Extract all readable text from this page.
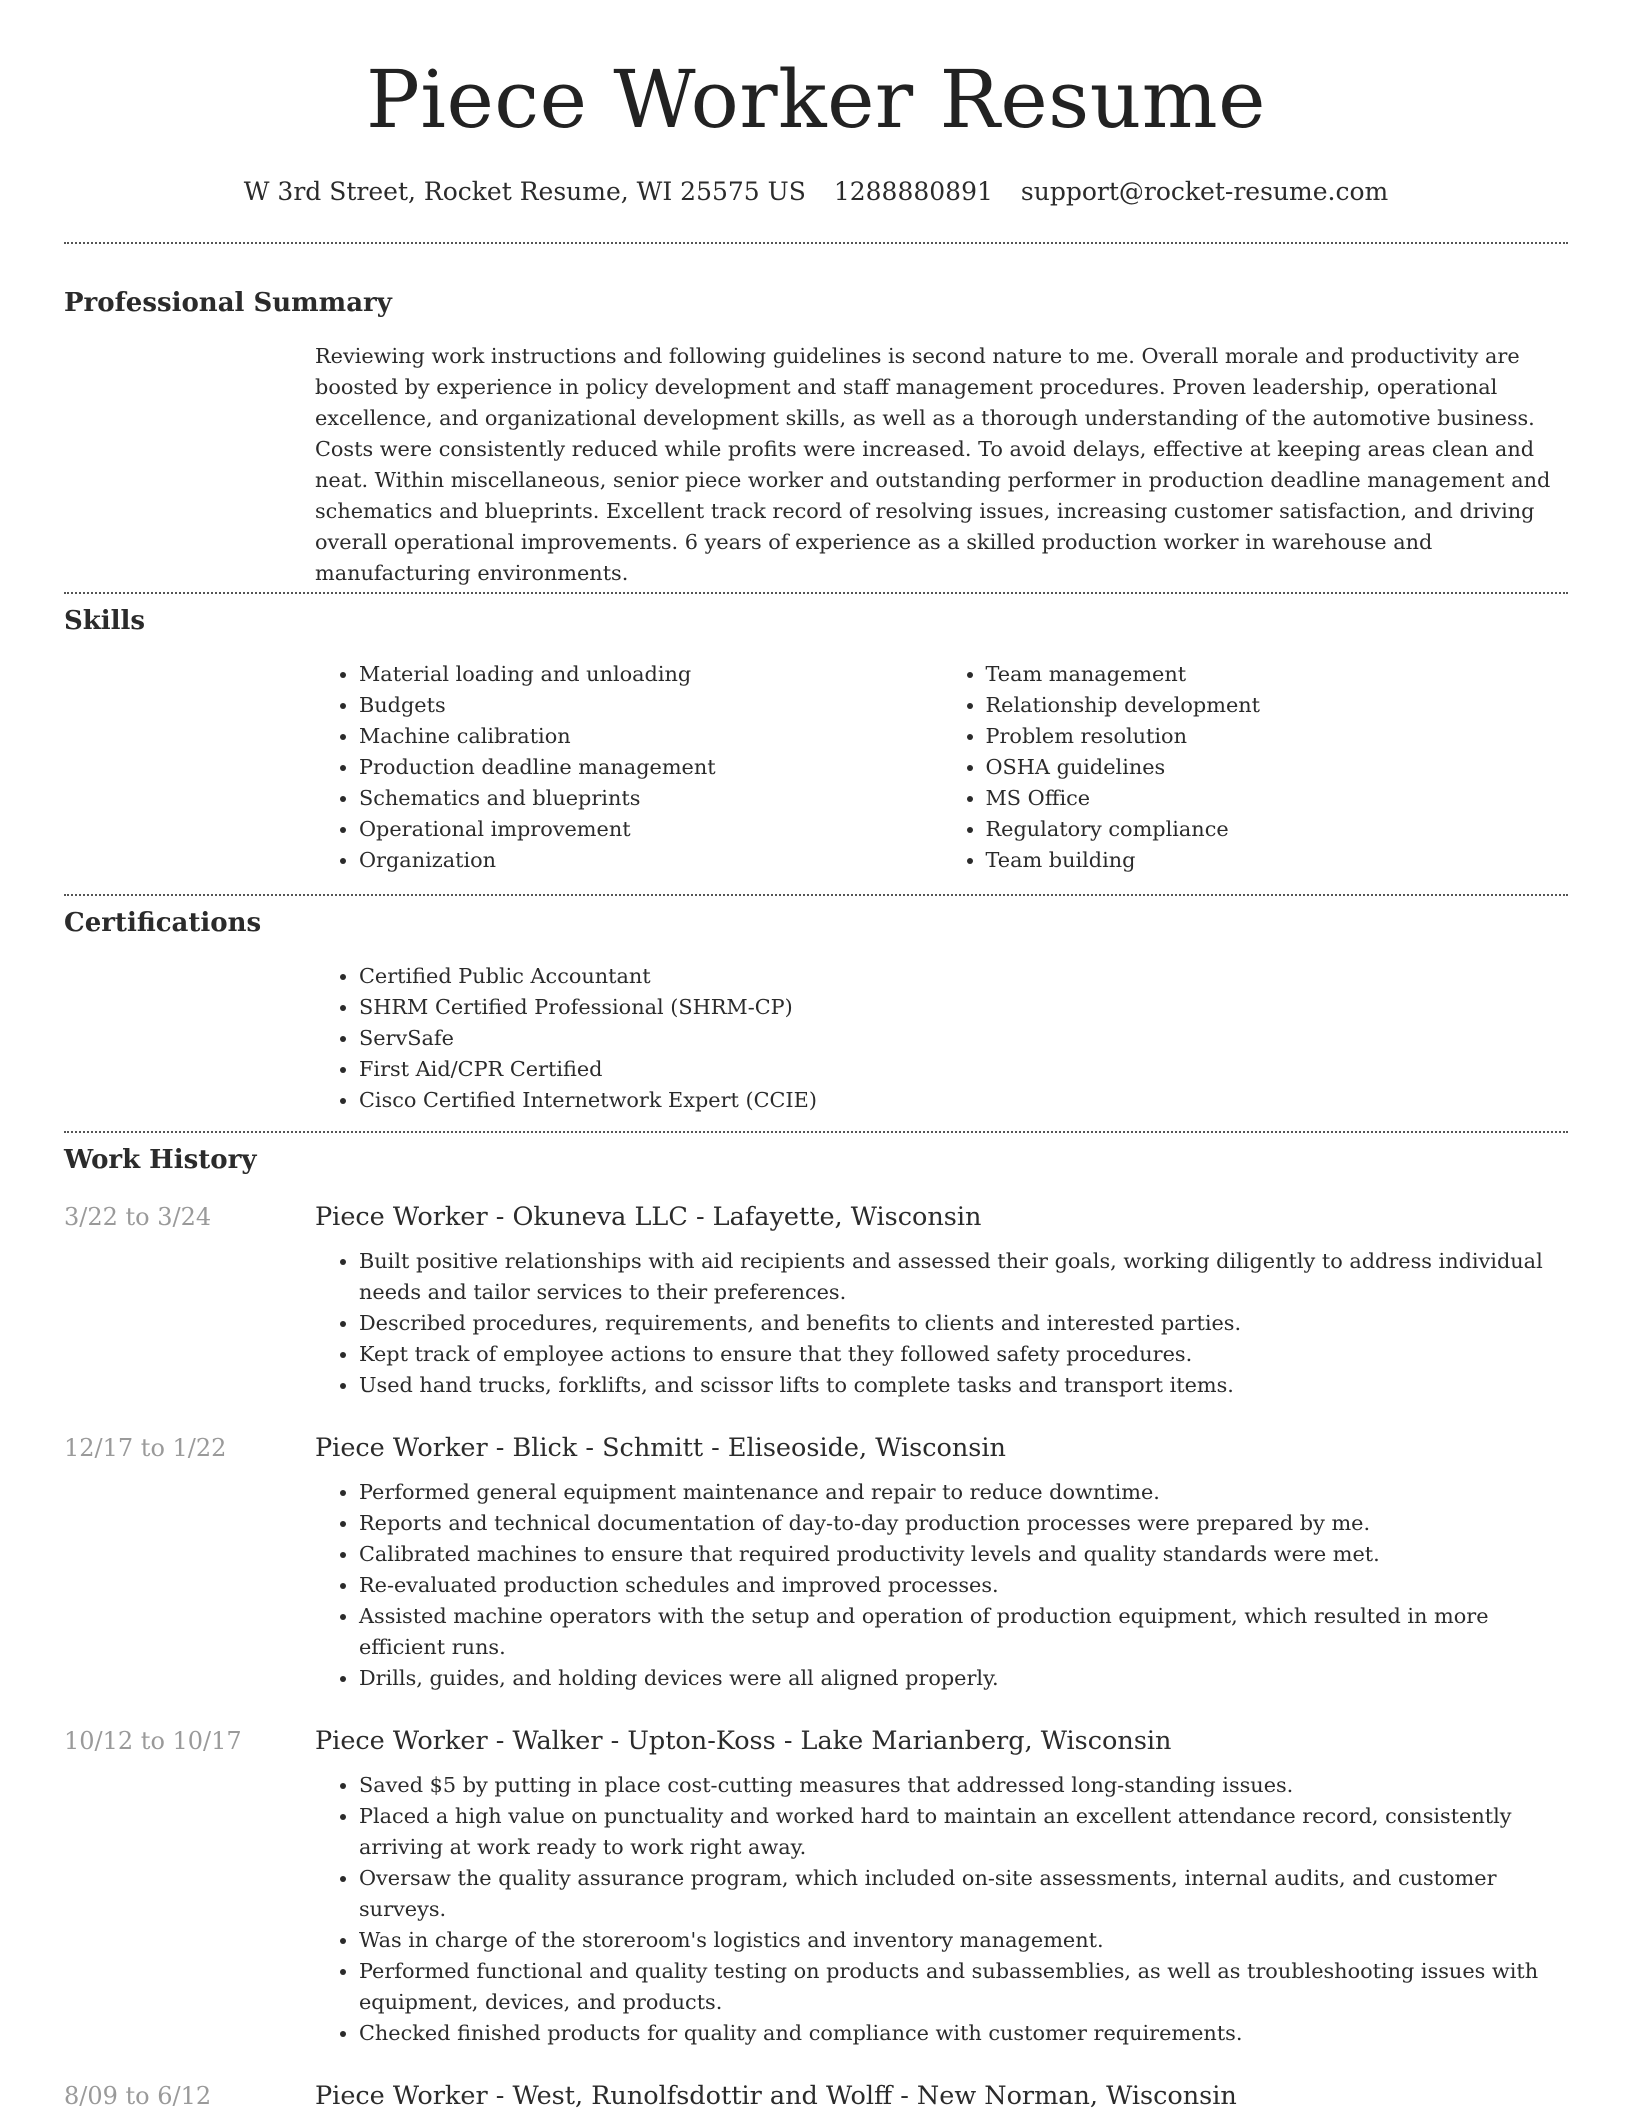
Piece Worker Resume
W 3rd Street, Rocket Resume, WI 25575 US 1288880891 support@rocket-resume.com
Professional Summary
Reviewing work instructions and following guidelines is second nature to me. Overall morale and productivity are boosted by experience in policy development and staff management procedures. Proven leadership, operational excellence, and organizational development skills, as well as a thorough understanding of the automotive business. Costs were consistently reduced while profits were increased. To avoid delays, effective at keeping areas clean and neat. Within miscellaneous, senior piece worker and outstanding performer in production deadline management and schematics and blueprints. Excellent track record of resolving issues, increasing customer satisfaction, and driving overall operational improvements. 6 years of experience as a skilled production worker in warehouse and manufacturing environments.
Skills
• Material loading and unloading
• Budgets
• Machine calibration
• Production deadline management
• Schematics and blueprints
• Operational improvement
• Organization
• Team management
• Relationship development
• Problem resolution
• OSHA guidelines
• MS Office
• Regulatory compliance
• Team building
Certifications
• Certified Public Accountant
• SHRM Certified Professional (SHRM-CP)
• ServSafe
• First Aid/CPR Certified
• Cisco Certified Internetwork Expert (CCIE)
Work History
3/22 to 3/24	Piece Worker - Okuneva LLC - Lafayette, Wisconsin
• Built positive relationships with aid recipients and assessed their goals, working diligently to address individual needs and tailor services to their preferences.
• Described procedures, requirements, and benefits to clients and interested parties.
• Kept track of employee actions to ensure that they followed safety procedures.
• Used hand trucks, forklifts, and scissor lifts to complete tasks and transport items.
12/17 to 1/22	Piece Worker - Blick - Schmitt - Eliseoside, Wisconsin
• Performed general equipment maintenance and repair to reduce downtime.
• Reports and technical documentation of day-to-day production processes were prepared by me.
• Calibrated machines to ensure that required productivity levels and quality standards were met.
• Re-evaluated production schedules and improved processes.
• Assisted machine operators with the setup and operation of production equipment, which resulted in more efficient runs.
• Drills, guides, and holding devices were all aligned properly.
10/12 to 10/17	Piece Worker - Walker - Upton-Koss - Lake Marianberg, Wisconsin
• Saved $5 by putting in place cost-cutting measures that addressed long-standing issues.
• Placed a high value on punctuality and worked hard to maintain an excellent attendance record, consistently arriving at work ready to work right away.
• Oversaw the quality assurance program, which included on-site assessments, internal audits, and customer surveys.
• Was in charge of the storeroom's logistics and inventory management.
• Performed functional and quality testing on products and subassemblies, as well as troubleshooting issues with equipment, devices, and products.
• Checked finished products for quality and compliance with customer requirements.
8/09 to 6/12	Piece Worker - West, Runolfsdottir and Wolff - New Norman, Wisconsin
